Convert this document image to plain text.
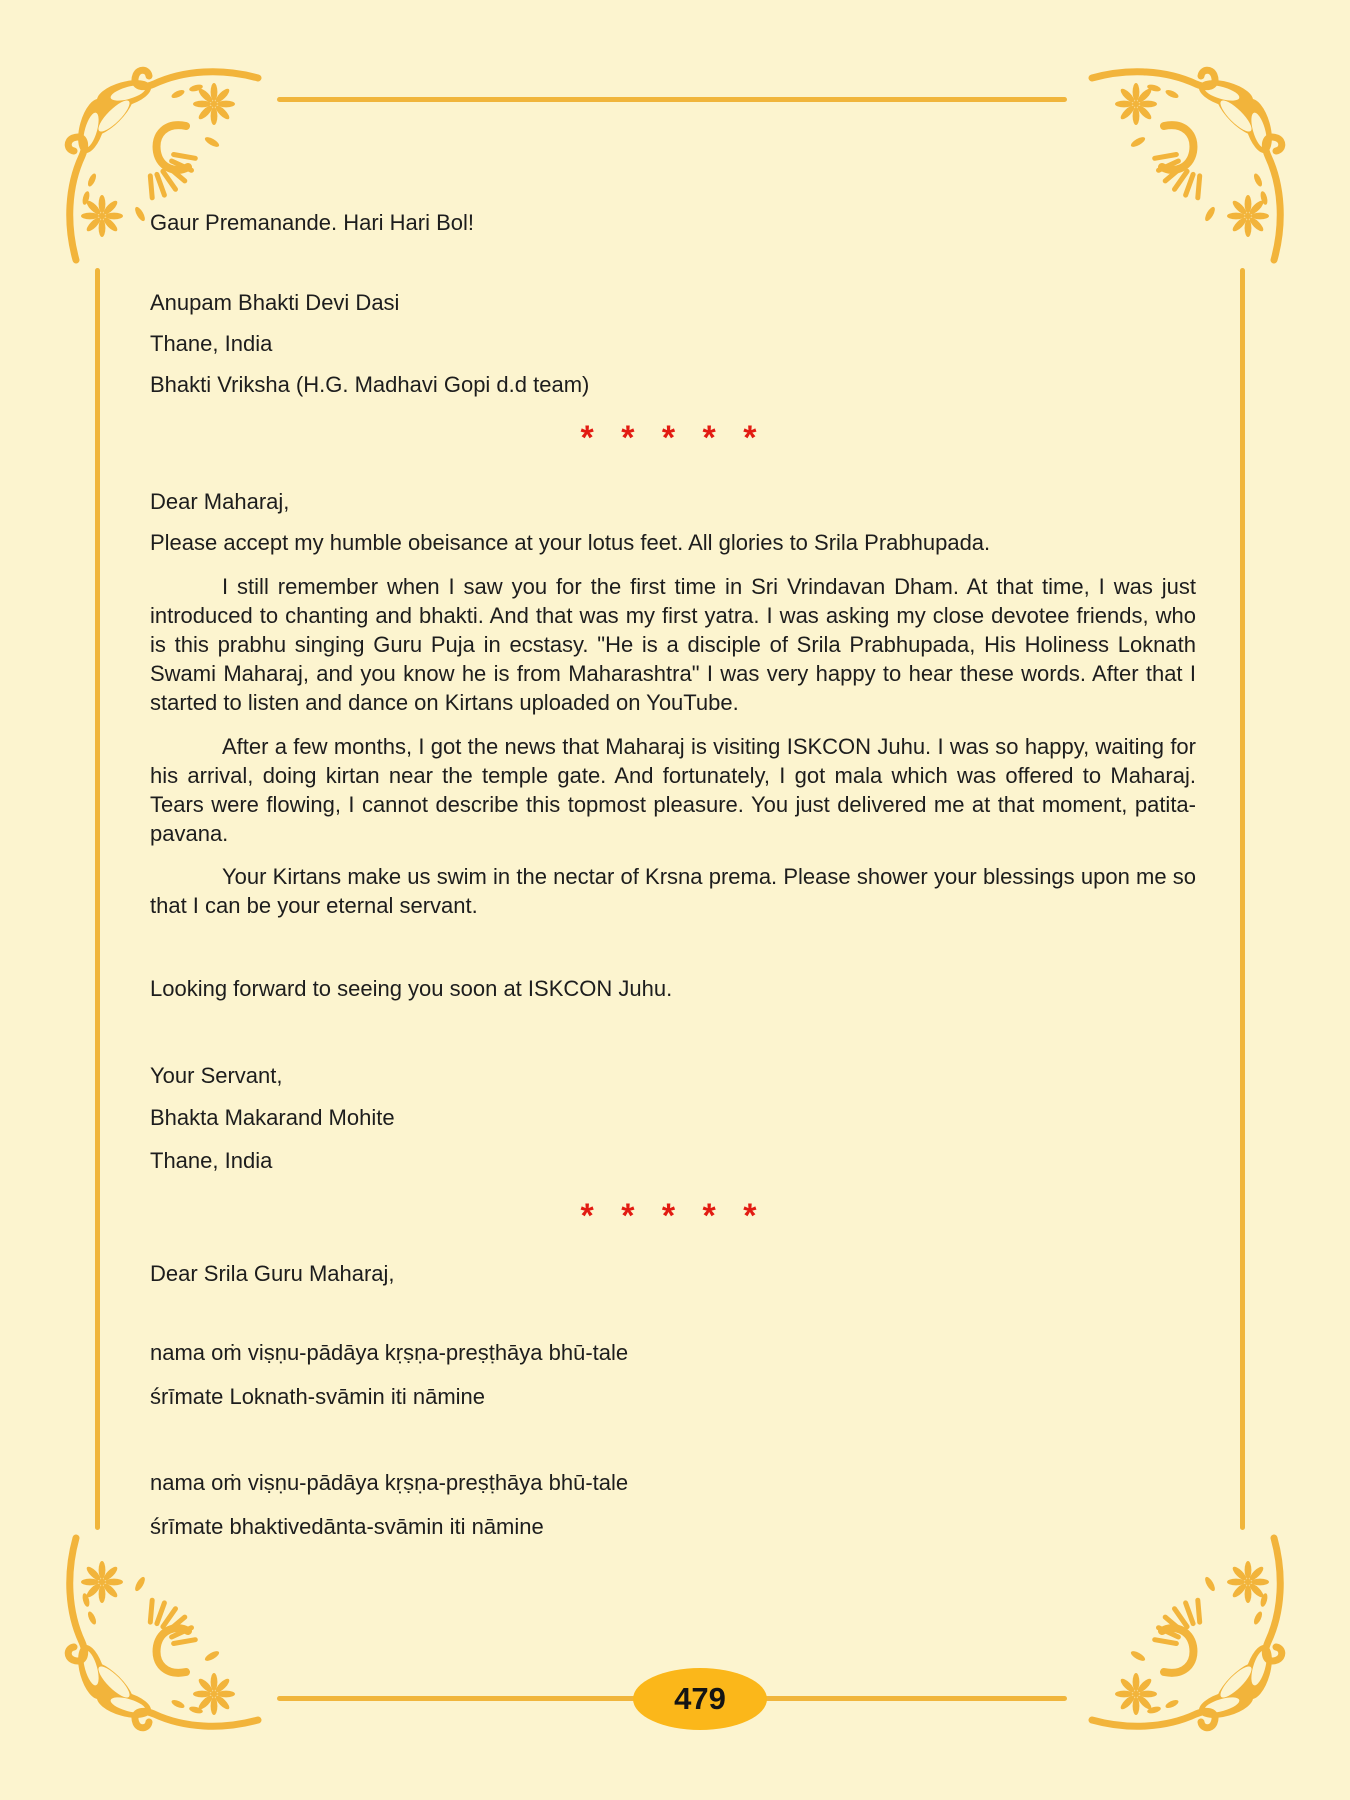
Gaur Premanande. Hari Hari Bol!
Anupam Bhakti Devi Dasi
Thane, India
Bhakti Vriksha (H.G. Madhavi Gopi d.d team)
* * * * *
Dear Maharaj,
Please accept my humble obeisance at your lotus feet. All glories to Srila Prabhupada.
I still remember when I saw you for the first time in Sri Vrindavan Dham. At that time, I was just introduced to chanting and bhakti. And that was my first yatra. I was asking my close devotee friends, who is this prabhu singing Guru Puja in ecstasy. "He is a disciple of Srila Prabhupada, His Holiness Loknath Swami Maharaj, and you know he is from Maharashtra" I was very happy to hear these words. After that I started to listen and dance on Kirtans uploaded on YouTube.
After a few months, I got the news that Maharaj is visiting ISKCON Juhu. I was so happy, waiting for his arrival, doing kirtan near the temple gate. And fortunately, I got mala which was offered to Maharaj. Tears were flowing, I cannot describe this topmost pleasure. You just delivered me at that moment, patita-pavana.
Your Kirtans make us swim in the nectar of Krsna prema. Please shower your blessings upon me so that I can be your eternal servant.
Looking forward to seeing you soon at ISKCON Juhu.
Your Servant,
Bhakta Makarand Mohite
Thane, India
* * * * *
Dear Srila Guru Maharaj,
nama oṁ viṣṇu-pādāya kṛṣṇa-preṣṭhāya bhū-tale
śrīmate Loknath-svāmin iti nāmine
nama oṁ viṣṇu-pādāya kṛṣṇa-preṣṭhāya bhū-tale
śrīmate bhaktivedānta-svāmin iti nāmine
479
